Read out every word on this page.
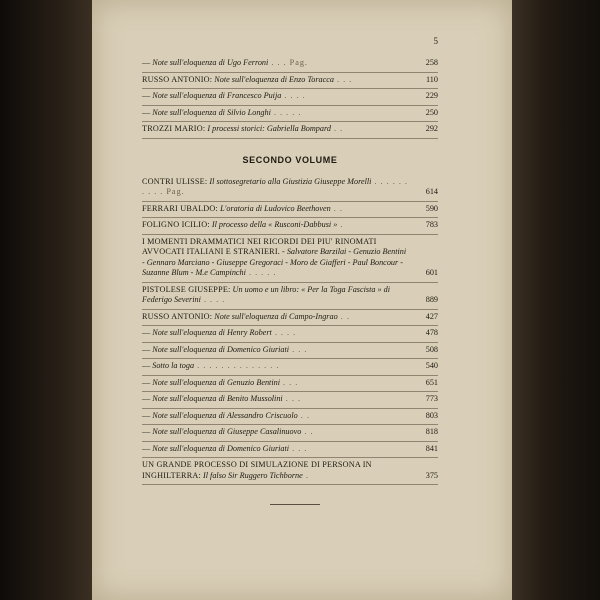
5
— Note sull'eloquenza di Ugo Ferroni . . . Pag.	258
RUSSO ANTONIO: Note sull'eloquenza di Enzo Toracca . . .	110
— Note sull'eloquenza di Francesco Puija . . . .	229
— Note sull'eloquenza di Silvio Longhi . . . . .	250
TROZZI MARIO: I processi storici: Gabriella Bompard . .	292
SECONDO VOLUME
CONTRI ULISSE: Il sottosegretario alla Giustizia Giuseppe Morelli . . . . . . . . . . Pag.	614
FERRARI UBALDO: L'oratoria di Ludovico Beethoven . .	590
FOLIGNO ICILIO: Il processo della « Rusconi-Dabbusi » .	783
I MOMENTI DRAMMATICI NEI RICORDI DEI PIU' RINOMATI AVVOCATI ITALIANI E STRANIERI. - Salvatore Barzilai - Genuzio Bentini - Gennaro Marciano - Giuseppe Gregoraci - Moro de Giafferi - Paul Boncour - Suzanne Blum - M.e Campinchi . . . . .	601
PISTOLESE GIUSEPPE: Un uomo e un libro: « Per la Toga Fascista » di Federigo Severini . . . .	889
RUSSO ANTONIO: Note sull'eloquenza di Campo-Ingrao . .	427
— Note sull'eloquenza di Henry Robert . . . .	478
— Note sull'eloquenza di Domenico Giuriati . . .	508
— Sotto la toga . . . . . . . . . . . . . .	540
— Note sull'eloquenza di Genuzio Bentini . . .	651
— Note sull'eloquenza di Benito Mussolini . . .	773
— Note sull'eloquenza di Alessandro Criscuolo . .	803
— Note sull'eloquenza di Giuseppe Casalinuovo . .	818
— Note sull'eloquenza di Domenico Giuriati . . .	841
UN GRANDE PROCESSO DI SIMULAZIONE DI PERSONA IN INGHILTERRA: Il falso Sir Ruggero Tichborne .	375
